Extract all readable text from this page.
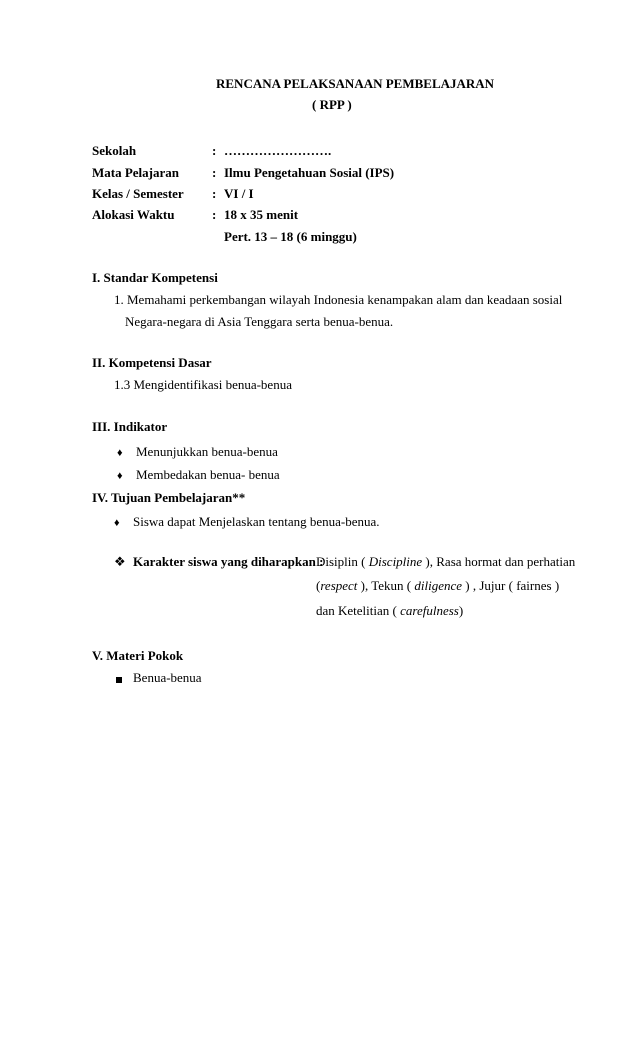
RENCANA PELAKSANAAN PEMBELAJARAN
( RPP )
Sekolah	: …………………….
Mata Pelajaran	: Ilmu Pengetahuan Sosial (IPS)
Kelas / Semester : VI / I
Alokasi Waktu	: 18 x 35 menit
Pert. 13 – 18 (6 minggu)
I. Standar Kompetensi
1. Memahami perkembangan wilayah Indonesia kenampakan alam dan keadaan sosial
Negara-negara di Asia Tenggara serta benua-benua.
II. Kompetensi Dasar
1.3 Mengidentifikasi benua-benua
III. Indikator
♦ Menunjukkan benua-benua
♦ Membedakan benua- benua
IV. Tujuan Pembelajaran**
♦ Siswa dapat Menjelaskan tentang benua-benua.
❖ Karakter siswa yang diharapkan :
Disiplin ( Discipline ), Rasa hormat dan perhatian
(respect ), Tekun ( diligence ) , Jujur ( fairnes )
dan Ketelitian ( carefulness)
V. Materi Pokok
Benua-benua
